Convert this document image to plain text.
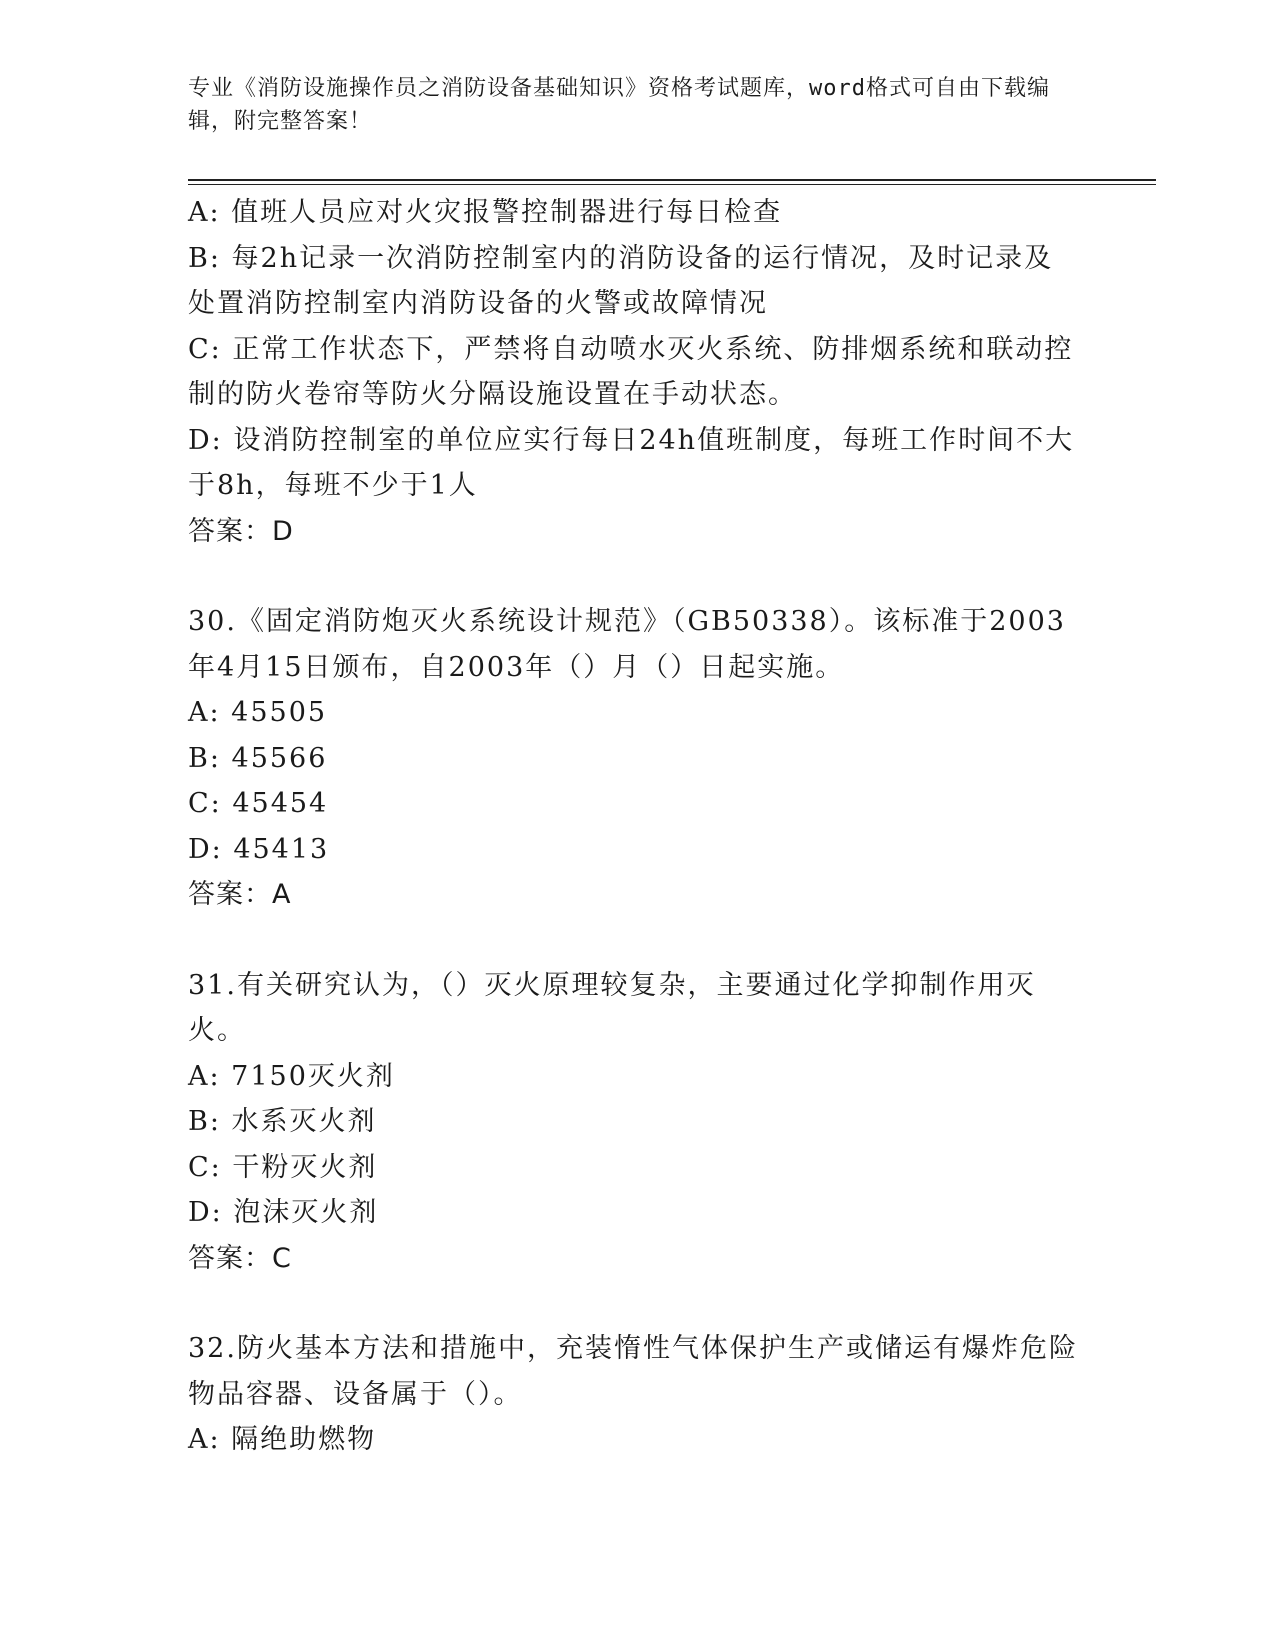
专业《消防设施操作员之消防设备基础知识》资格考试题库，word格式可自由下载编辑，附完整答案！
A: 值班人员应对火灾报警控制器进行每日检查
B: 每2h记录一次消防控制室内的消防设备的运行情况，及时记录及处置消防控制室内消防设备的火警或故障情况
C: 正常工作状态下，严禁将自动喷水灭火系统、防排烟系统和联动控制的防火卷帘等防火分隔设施设置在手动状态。
D: 设消防控制室的单位应实行每日24h值班制度，每班工作时间不大于8h，每班不少于1人
答案：D
30.《固定消防炮灭火系统设计规范》（GB50338）。该标准于2003年4月15日颁布，自2003年（）月（）日起实施。
A: 45505
B: 45566
C: 45454
D: 45413
答案：A
31.有关研究认为，（）灭火原理较复杂，主要通过化学抑制作用灭火。
A: 7150灭火剂
B: 水系灭火剂
C: 干粉灭火剂
D: 泡沫灭火剂
答案：C
32.防火基本方法和措施中，充装惰性气体保护生产或储运有爆炸危险物品容器、设备属于（）。
A: 隔绝助燃物
